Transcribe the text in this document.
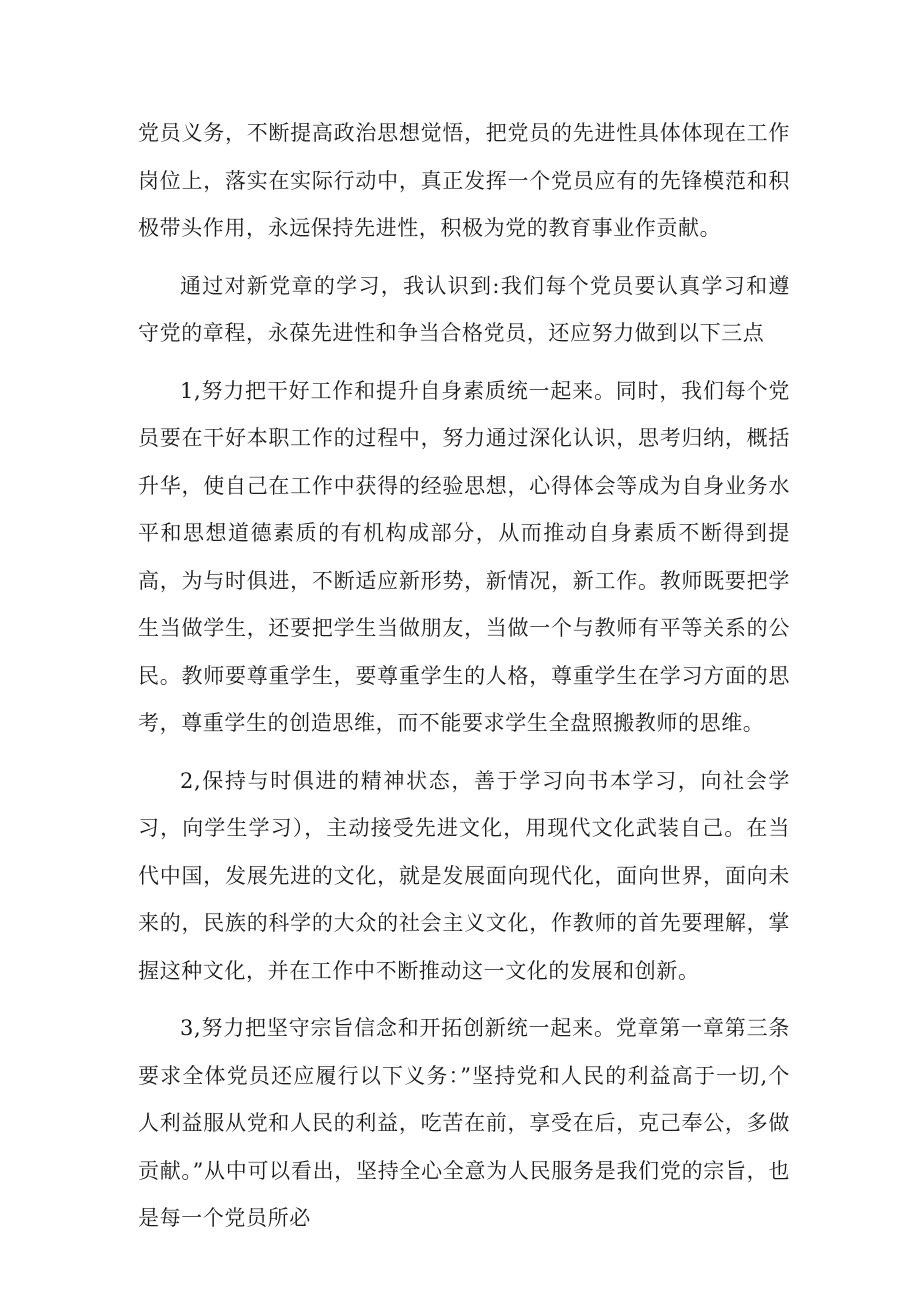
党员义务，不断提高政治思想觉悟，把党员的先进性具体体现在工作岗位上，落实在实际行动中，真正发挥一个党员应有的先锋模范和积极带头作用，永远保持先进性，积极为党的教育事业作贡献。

通过对新党章的学习，我认识到:我们每个党员要认真学习和遵守党的章程，永葆先进性和争当合格党员，还应努力做到以下三点

1,努力把干好工作和提升自身素质统一起来。同时，我们每个党员要在干好本职工作的过程中，努力通过深化认识，思考归纳，概括升华，使自己在工作中获得的经验思想，心得体会等成为自身业务水平和思想道德素质的有机构成部分，从而推动自身素质不断得到提高，为与时俱进，不断适应新形势，新情况，新工作。教师既要把学生当做学生，还要把学生当做朋友，当做一个与教师有平等关系的公民。教师要尊重学生，要尊重学生的人格，尊重学生在学习方面的思考，尊重学生的创造思维，而不能要求学生全盘照搬教师的思维。

2,保持与时俱进的精神状态，善于学习向书本学习，向社会学习，向学生学习），主动接受先进文化，用现代文化武装自己。在当代中国，发展先进的文化，就是发展面向现代化，面向世界，面向未来的，民族的科学的大众的社会主义文化，作教师的首先要理解，掌握这种文化，并在工作中不断推动这一文化的发展和创新。

3,努力把坚守宗旨信念和开拓创新统一起来。党章第一章第三条要求全体党员还应履行以下义务：”坚持党和人民的利益高于一切,个人利益服从党和人民的利益，吃苦在前，享受在后，克己奉公，多做贡献。”从中可以看出，坚持全心全意为人民服务是我们党的宗旨，也是每一个党员所必
